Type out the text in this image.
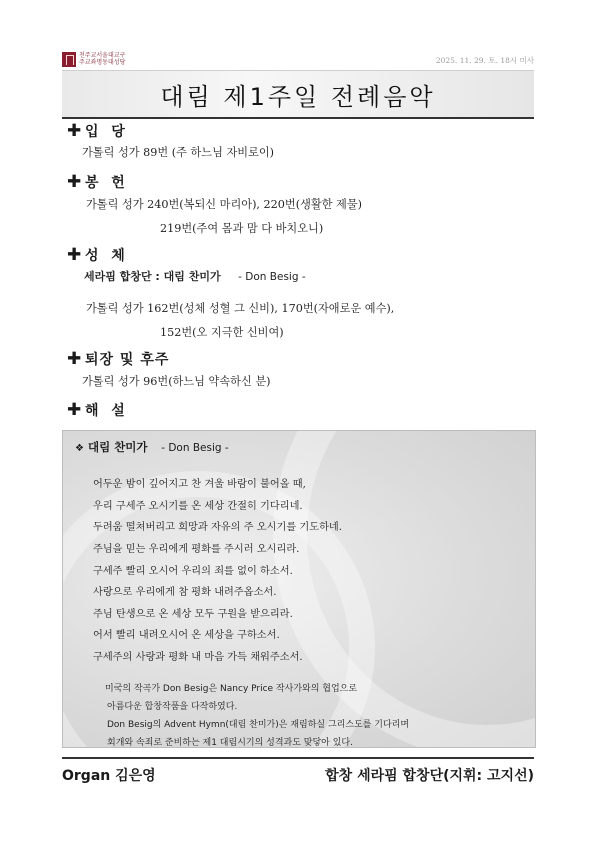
천주교서울대교구
주교좌명동대성당	2025. 11. 29. 토. 18시 미사
대림 제1주일 전례음악
✚ 입  당
가톨릭 성가 89번 (주 하느님 자비로이)
✚ 봉  헌
가톨릭 성가 240번(복되신 마리아), 220번(생활한 제물)
219번(주여 몸과 맘 다 바치오니)
✚ 성  체
세라핌 합창단 : 대림 찬미가 - Don Besig -
가톨릭 성가 162번(성체 성혈 그 신비), 170번(자애로운 예수),
152번(오 지극한 신비여)
✚ 퇴장 및 후주
가톨릭 성가 96번(하느님 약속하신 분)
✚ 해  설
❖ 대림 찬미가 - Don Besig -
어두운 밤이 깊어지고 찬 겨울 바람이 불어올 때,
우리 구세주 오시기를 온 세상 간절히 기다리네.
두려움 떨쳐버리고 희망과 자유의 주 오시기를 기도하네.
주님을 믿는 우리에게 평화를 주시러 오시리라.
구세주 빨리 오시어 우리의 죄를 없이 하소서.
사랑으로 우리에게 참 평화 내려주옵소서.
주님 탄생으로 온 세상 모두 구원을 받으리라.
어서 빨리 내려오시어 온 세상을 구하소서.
구세주의 사랑과 평화 내 마음 가득 채워주소서.
미국의 작곡가 Don Besig은 Nancy Price 작사가와의 협업으로
아름다운 합창작품을 다작하였다.
Don Besig의 Advent Hymn(대림 찬미가)은 재림하실 그리스도를 기다리며
회개와 속죄로 준비하는 제1 대림시기의 성격과도 맞닿아 있다.
Organ 김은영	합창 세라핌 합창단(지휘: 고지선)
